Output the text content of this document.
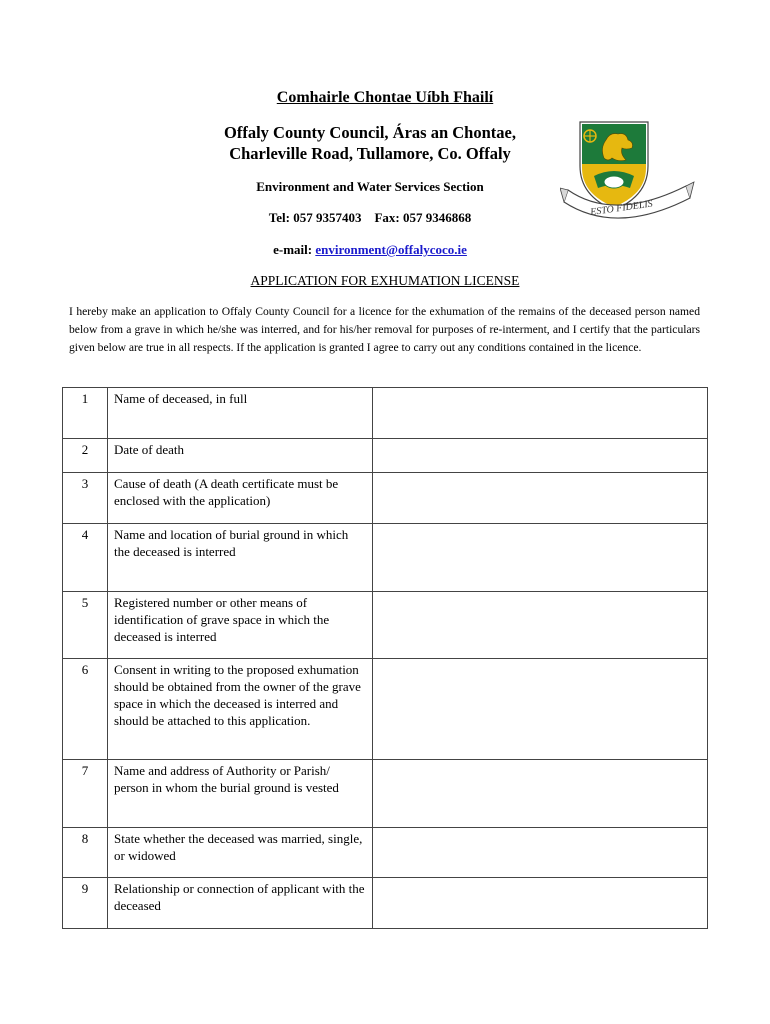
Comhairle Chontae Uíbh Fhailí
Offaly County Council, Áras an Chontae,
Charleville Road, Tullamore, Co. Offaly
Environment and Water Services Section
Tel: 057 9357403    Fax: 057 9346868
e-mail: environment@offalycoco.ie
ESTO FIDELIS
APPLICATION FOR EXHUMATION LICENSE
I hereby make an application to Offaly County Council for a licence for the exhumation of the remains of the deceased person named below from a grave in which he/she was interred, and for his/her removal for purposes of re-interment, and I certify that the particulars given below are true in all respects. If the application is granted I agree to carry out any conditions contained in the licence.
1	Name of deceased, in full	
2	Date of death	
3	Cause of death (A death certificate must be enclosed with the application)	
4	Name and location of burial ground in which the deceased is interred	
5	Registered number or other means of identification of grave space in which the deceased is interred	
6	Consent in writing to the proposed exhumation should be obtained from the owner of the grave space in which the deceased is interred and should be attached to this application.	
7	Name and address of Authority or Parish/ person in whom the burial ground is vested	
8	State whether the deceased was married, single, or widowed	
9	Relationship or connection of applicant with the deceased	
